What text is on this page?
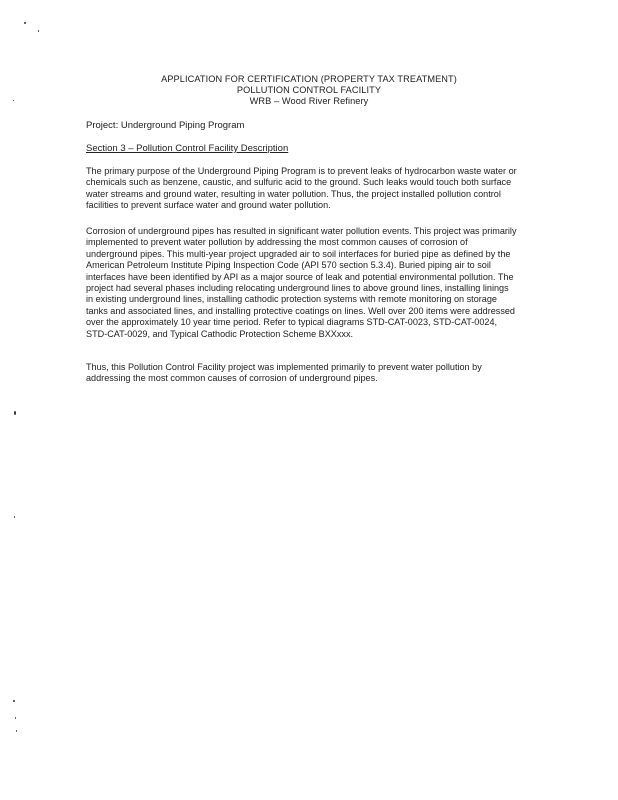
APPLICATION FOR CERTIFICATION (PROPERTY TAX TREATMENT)
POLLUTION CONTROL FACILITY
WRB – Wood River Refinery
Project: Underground Piping Program
Section 3 – Pollution Control Facility Description
The primary purpose of the Underground Piping Program is to prevent leaks of hydrocarbon waste water or chemicals such as benzene, caustic, and sulfuric acid to the ground. Such leaks would touch both surface water streams and ground water, resulting in water pollution. Thus, the project installed pollution control facilities to prevent surface water and ground water pollution.
Corrosion of underground pipes has resulted in significant water pollution events. This project was primarily implemented to prevent water pollution by addressing the most common causes of corrosion of underground pipes. This multi-year project upgraded air to soil interfaces for buried pipe as defined by the American Petroleum Institute Piping Inspection Code (API 570 section 5.3.4). Buried piping air to soil interfaces have been identified by API as a major source of leak and potential environmental pollution. The project had several phases including relocating underground lines to above ground lines, installing linings in existing underground lines, installing cathodic protection systems with remote monitoring on storage tanks and associated lines, and installing protective coatings on lines. Well over 200 items were addressed over the approximately 10 year time period. Refer to typical diagrams STD-CAT-0023, STD-CAT-0024, STD-CAT-0029, and Typical Cathodic Protection Scheme BXXxxx.
Thus, this Pollution Control Facility project was implemented primarily to prevent water pollution by addressing the most common causes of corrosion of underground pipes.
